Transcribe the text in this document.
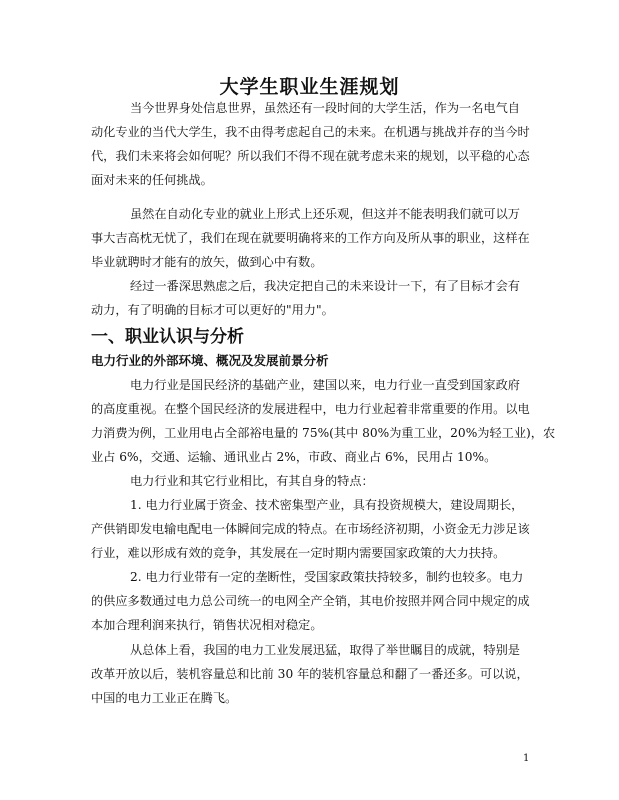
大学生职业生涯规划
当今世界身处信息世界，虽然还有一段时间的大学生活，作为一名电气自
动化专业的当代大学生，我不由得考虑起自己的未来。在机遇与挑战并存的当今时
代，我们未来将会如何呢？所以我们不得不现在就考虑未来的规划，以平稳的心态
面对未来的任何挑战。
虽然在自动化专业的就业上形式上还乐观，但这并不能表明我们就可以万
事大吉高枕无忧了，我们在现在就要明确将来的工作方向及所从事的职业，这样在
毕业就聘时才能有的放矢，做到心中有数。
经过一番深思熟虑之后，我决定把自己的未来设计一下，有了目标才会有
动力，有了明确的目标才可以更好的"用力"。
一、职业认识与分析
电力行业的外部环境、概况及发展前景分析
电力行业是国民经济的基础产业，建国以来，电力行业一直受到国家政府
的高度重视。在整个国民经济的发展进程中，电力行业起着非常重要的作用。以电
力消费为例，工业用电占全部裕电量的 75%(其中 80%为重工业，20%为轻工业)，农
业占 6%，交通、运输、通讯业占 2%，市政、商业占 6%，民用占 10%。
电力行业和其它行业相比，有其自身的特点：
1. 电力行业属于资金、技术密集型产业，具有投资规模大，建设周期长，
产供销即发电输电配电一体瞬间完成的特点。在市场经济初期，小资金无力涉足该
行业，难以形成有效的竞争，其发展在一定时期内需要国家政策的大力扶持。
2. 电力行业带有一定的垄断性，受国家政策扶持较多，制约也较多。电力
的供应多数通过电力总公司统一的电网全产全销，其电价按照并网合同中规定的成
本加合理利润来执行，销售状况相对稳定。
从总体上看，我国的电力工业发展迅猛，取得了举世瞩目的成就，特别是
改革开放以后，装机容量总和比前 30 年的装机容量总和翻了一番还多。可以说，
中国的电力工业正在腾飞。
1
